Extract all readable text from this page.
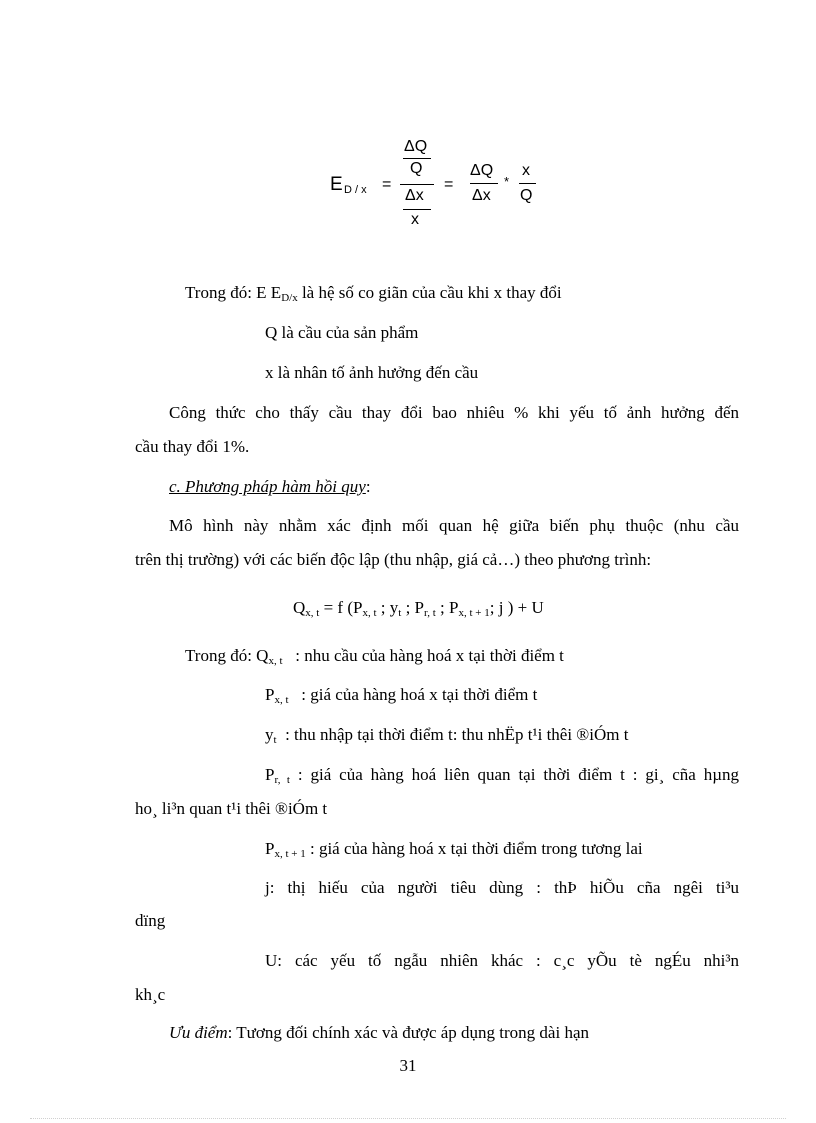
E D / x =
ΔQ
Q
Δx
x
=
ΔQ
Δx
*
x
Q
Trong đó: E $E_{D/x}$ là hệ số co giãn của cầu khi x thay đổi
Q là cầu của sản phẩm
x là nhân tố ảnh hưởng đến cầu
Công thức cho thấy cầu thay đổi bao nhiêu % khi yếu tố ảnh hưởng đến
cầu thay đổi 1%.
c. Phương pháp hàm hồi quy:
Mô hình này nhằm xác định mối quan hệ giữa biến phụ thuộc (nhu cầu
trên thị trường) với các biến độc lập (thu nhập, giá cả…) theo phương trình:
$Q_{x, t} = f$ ($P_{x, t}$ ; $y_t$ ; $P_{r, t}$ ; $P_{x, t + 1}$; j ) + U
Trong đó: $Q_{x, t}$   : nhu cầu của hàng hoá x tại thời điểm t
$P_{x, t}$   : giá của hàng hoá x tại thời điểm t
$y_t$  : thu nhập tại thời điểm t: thu nhËp t¹i thêi ®iÓm t
$P_{r, t}$ : giá của hàng hoá liên quan tại thời điểm t : gi¸ cña hµng
ho¸ li³n quan t¹i thêi ®iÓm t
$P_{x, t + 1}$ : giá của hàng hoá x tại thời điểm trong tương lai
j: thị hiếu của người tiêu dùng : thÞ hiÕu cña ngêi ti³u
dïng
U: các yếu tố ngẫu nhiên khác : c¸c yÕu tè ngÉu nhi³n
kh¸c
Ưu điểm: Tương đối chính xác và được áp dụng trong dài hạn
31
